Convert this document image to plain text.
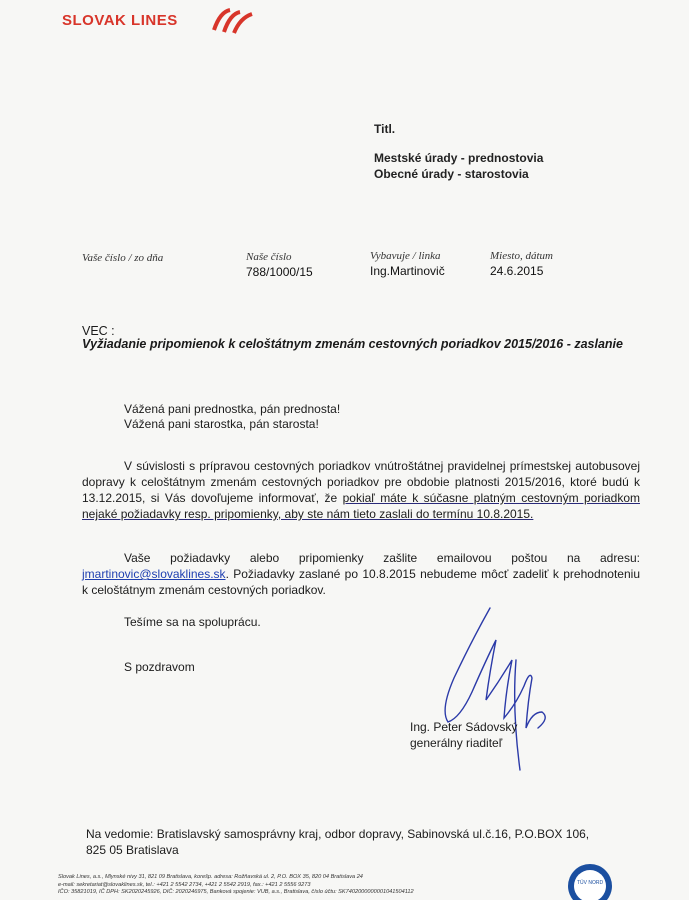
SLOVAK LINES
Titl.
Mestské úrady - prednostovia
Obecné úrady - starostovia
Vaše číslo / zo dňa	Naše číslo
788/1000/15
Vybavuje / linka
Ing.Martinovič
Miesto, dátum
24.6.2015
VEC :
Vyžiadanie pripomienok k celoštátnym zmenám cestovných poriadkov 2015/2016 - zaslanie
Vážená pani prednostka, pán prednosta!
Vážená pani starostka, pán starosta!
V súvislosti s prípravou cestovných poriadkov vnútroštátnej pravidelnej prímestskej autobusovej dopravy k celoštátnym zmenám cestovných poriadkov pre obdobie platnosti 2015/2016, ktoré budú k 13.12.2015, si Vás dovoľujeme informovať, že pokiaľ máte k súčasne platným cestovným poriadkom nejaké požiadavky resp. pripomienky, aby ste nám tieto zaslali do termínu 10.8.2015.
Vaše požiadavky alebo pripomienky zašlite emailovou poštou na adresu: jmartinovic@slovaklines.sk. Požiadavky zaslané po 10.8.2015 nebudeme môcť zadeliť k prehodnoteniu k celoštátnym zmenám cestovných poriadkov.
Tešíme sa na spoluprácu.
S pozdravom
Ing. Peter Sádovský
generálny riaditeľ
Na vedomie: Bratislavský samosprávny kraj, odbor dopravy, Sabinovská ul.č.16, P.O.BOX 106,
825 05 Bratislava
Slovak Lines, a.s., Mlynské nivy 31, 821 09 Bratislava, korešp. adresa: Rožňavská ul. 2, P.O. BOX 35, 820 04 Bratislava 24
e-mail: sekretariat@slovaklines.sk, tel.: +421 2 5542 2734, +421 2 5542 2919, fax.: +421 2 5556 9273
IČO: 35821019, IČ DPH: SK2020245926, DIČ: 2020246975, Banková spojenie: VUB, a.s., Bratislava, číslo účtu: SK7402000000001041504112
TÜV NORD
